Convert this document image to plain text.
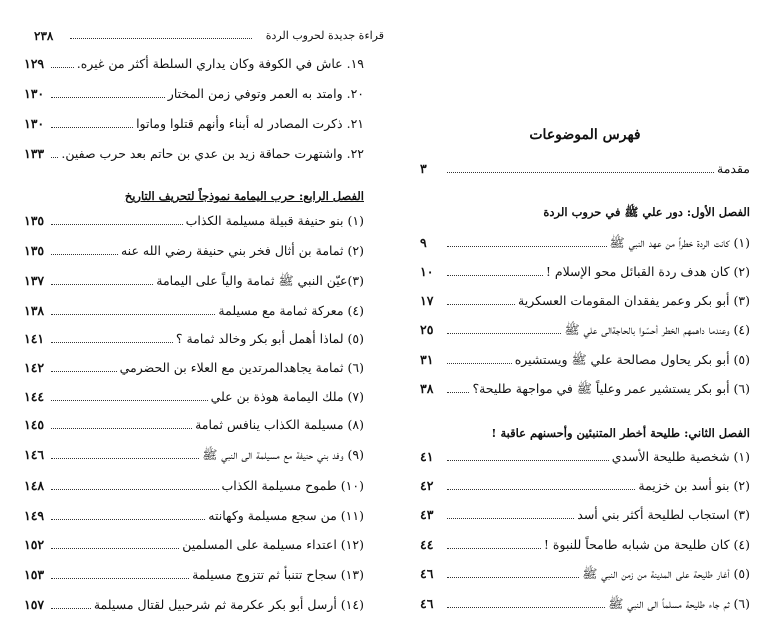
٢٣٨	قراءة جديدة لحروب الردة
١٩. عاش في الكوفة وكان يداري السلطة أكثر من غيره.
١٢٩
٢٠. وامتد به العمر وتوفي زمن المختار
١٣٠
٢١. ذكرت المصادر له أبناء وأنهم قتلوا وماتوا
١٣٠
٢٢. واشتهرت حماقة زيد بن عدي بن حاتم بعد حرب صفين.
١٣٣
الفصل الرابع: حرب اليمامة نموذجاً لتحريف التاريخ
(١) بنو حنيفة قبيلة مسيلمة الكذاب
١٣٥
(٢) ثمامة بن أثال فخر بني حنيفة رضي الله عنه
١٣٥
(٣)عيّن النبي ﷺ ثمامة والياً على اليمامة
١٣٧
(٤) معركة ثمامة مع مسيلمة
١٣٨
(٥) لماذا أهمل أبو بكر وخالد ثمامة ؟
١٤١
(٦) ثمامة يجاهدالمرتدين مع العلاء بن الحضرمي
١٤٢
(٧) ملك اليمامة هوذة بن علي
١٤٤
(٨) مسيلمة الكذاب ينافس ثمامة
١٤٥
(٩) وفد بني حنيفة مع مسيلمة الى النبي ﷺ
١٤٦
(١٠) طموح مسيلمة الكذاب
١٤٨
(١١) من سجع مسيلمة وكهانته
١٤٩
(١٢) اعتداء مسيلمة على المسلمين
١٥٢
(١٣) سجاح تتنبأ ثم تتزوج مسيلمة
١٥٣
(١٤) أرسل أبو بكر عكرمة ثم شرحبيل لقتال مسيلمة
١٥٧
فهرس الموضوعات
مقدمة
٣
الفصل الأول: دور علي ﷺ في حروب الردة
(١) كانت الردة خطراً من عهد النبي ﷺ
٩
(٢) كان هدف ردة القبائل محو الإسلام !
١٠
(٣) أبو بكر وعمر يفقدان المقومات العسكرية
١٧
(٤) وعندما داهمهم الخطر أحسّوا بالحاجةالى علي ﷺ
٢٥
(٥) أبو بكر يحاول مصالحة علي ﷺ ويستشيره
٣١
(٦) أبو بكر يستشير عمر وعلياً ﷺ في مواجهة طليحة؟
٣٨
الفصل الثاني: طليحة أخطر المتنبئين وأحسنهم عاقبة !
(١) شخصية طليحة الأسدي
٤١
(٢) بنو أسد بن خزيمة
٤٢
(٣) استجاب لطليحة أكثر بني أسد
٤٣
(٤) كان طليحة من شبابه طامحاً للنبوة !
٤٤
(٥) أغار طليحة على المدينة من زمن النبي ﷺ
٤٦
(٦) ثم جاء طليحة مسلماً الى النبي ﷺ
٤٦
